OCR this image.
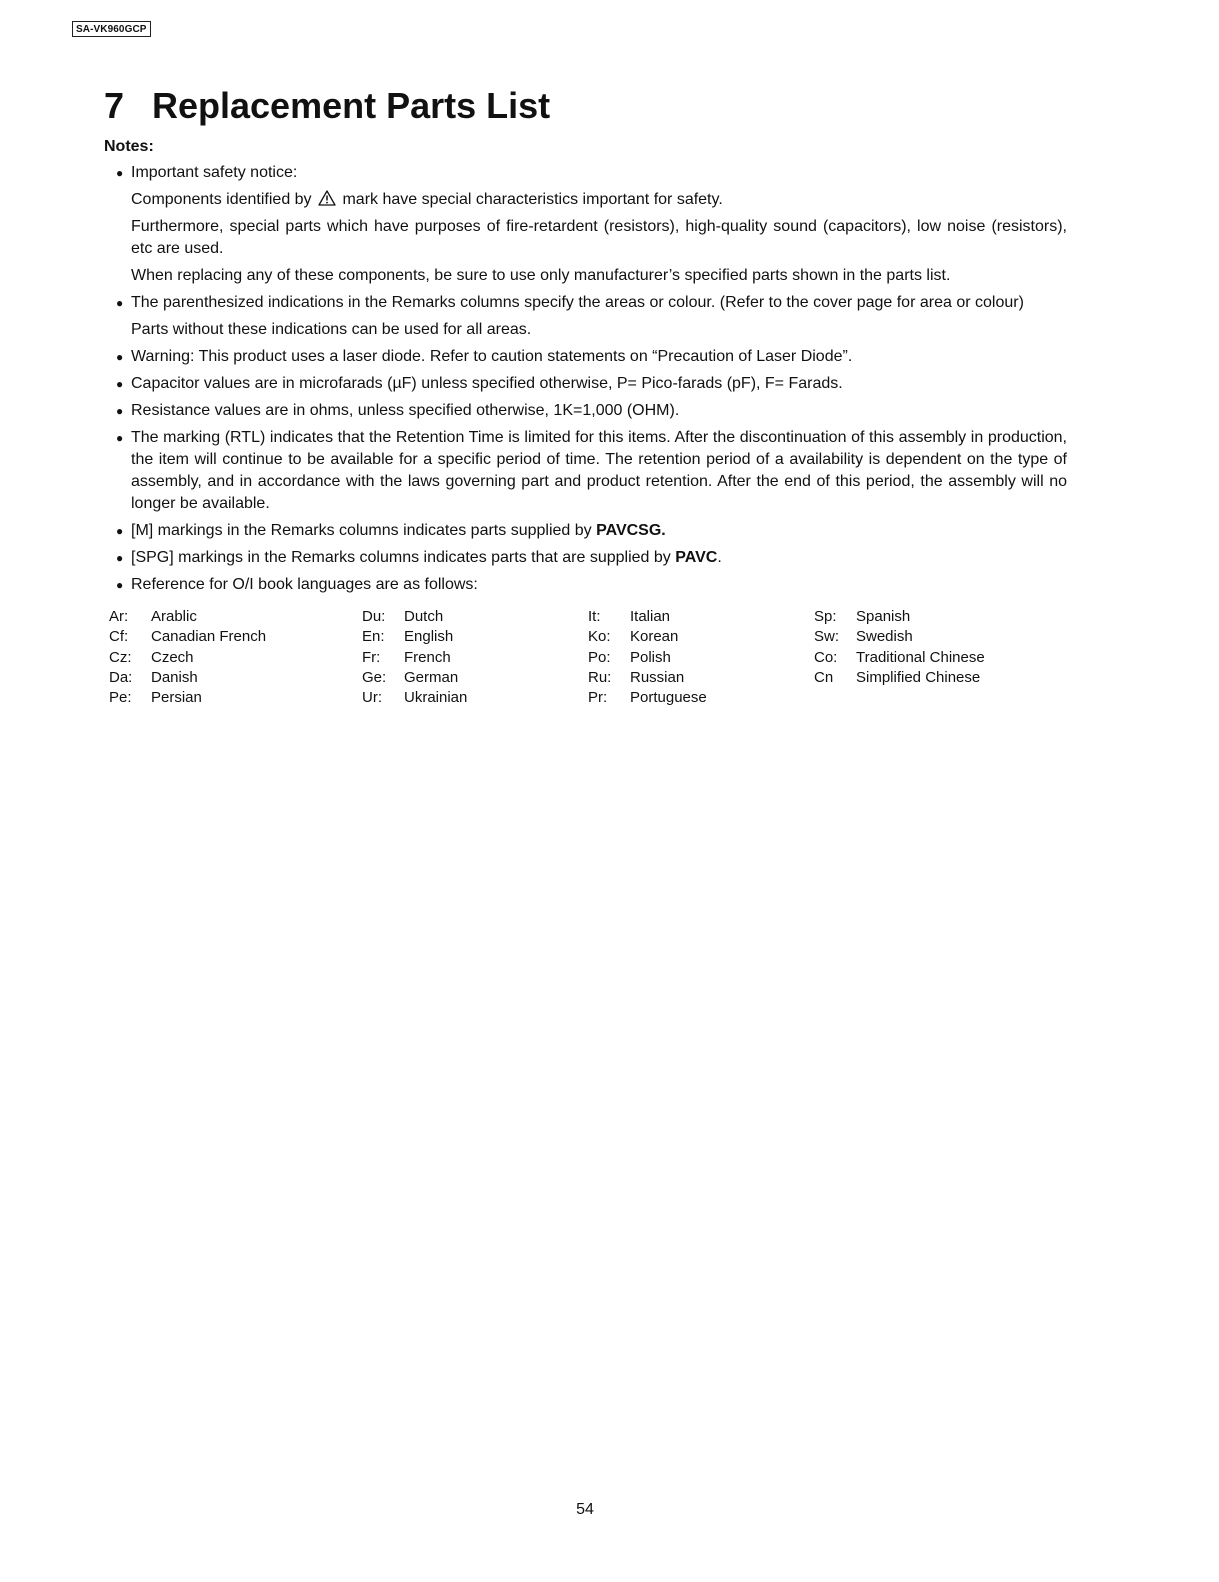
SA-VK960GCP
7 Replacement Parts List
Notes:
● Important safety notice:

Components identified by mark have special characteristics important for safety.

Furthermore, special parts which have purposes of fire-retardent (resistors), high-quality sound (capacitors), low noise (resistors), etc are used.

When replacing any of these components, be sure to use only manufacturer’s specified parts shown in the parts list.

● The parenthesized indications in the Remarks columns specify the areas or colour. (Refer to the cover page for area or colour)

Parts without these indications can be used for all areas.

● Warning: This product uses a laser diode. Refer to caution statements on “Precaution of Laser Diode”.

● Capacitor values are in microfarads (µF) unless specified otherwise, P= Pico-farads (pF), F= Farads.

● Resistance values are in ohms, unless specified otherwise, 1K=1,000 (OHM).

● The marking (RTL) indicates that the Retention Time is limited for this items. After the discontinuation of this assembly in production, the item will continue to be available for a specific period of time. The retention period of a availability is dependent on the type of assembly, and in accordance with the laws governing part and product retention. After the end of this period, the assembly will no longer be available.

● [M] markings in the Remarks columns indicates parts supplied by PAVCSG.

● [SPG] markings in the Remarks columns indicates parts that are supplied by PAVC.

● Reference for O/I book languages are as follows:

Ar: Arablic
Cf: Canadian French
Cz: Czech
Da: Danish
Pe: Persian
Du: Dutch
En: English
Fr: French
Ge: German
Ur: Ukrainian
It: Italian
Ko: Korean
Po: Polish
Ru: Russian
Pr: Portuguese
Sp: Spanish
Sw: Swedish
Co: Traditional Chinese
Cn Simplified Chinese
54
